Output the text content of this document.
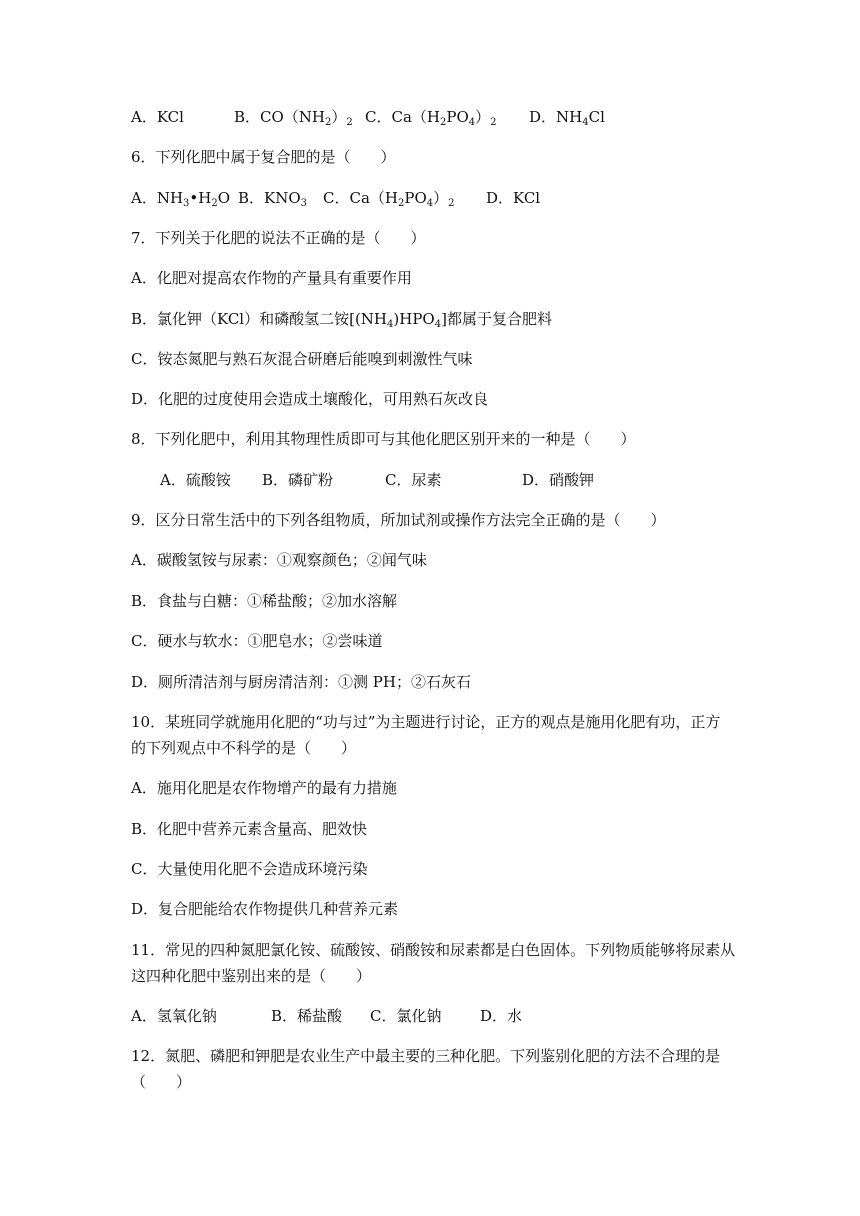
A．KCl	B．$CO(NH_2)_2$ C．$Ca(H_2PO_4)_2$ D．$NH_4Cl$
6．下列化肥中属于复合肥的是（　　）
A．$NH_3•H_2O$ B．$KNO_3$ C．$Ca(H_2PO_4)_2$ D．KCl
7．下列关于化肥的说法不正确的是（　　）
A．化肥对提高农作物的产量具有重要作用
B．氯化钾（KCl）和磷酸氢二铵$[(NH_4)HPO_4]$都属于复合肥料
C．铵态氮肥与熟石灰混合研磨后能嗅到刺激性气味
D．化肥的过度使用会造成土壤酸化，可用熟石灰改良
8．下列化肥中，利用其物理性质即可与其他化肥区别开来的一种是（　　）
A．硫酸铵 B．磷矿粉	C．尿素	D．硝酸钾
9．区分日常生活中的下列各组物质，所加试剂或操作方法完全正确的是（　　）
A．碳酸氢铵与尿素：①观察颜色；②闻气味
B．食盐与白糖：①稀盐酸；②加水溶解
C．硬水与软水：①肥皂水；②尝味道
D．厕所清洁剂与厨房清洁剂：①测 PH；②石灰石
10．某班同学就施用化肥的“功与过”为主题进行讨论，正方的观点是施用化肥有功，正方
的下列观点中不科学的是（　　）
A．施用化肥是农作物增产的最有力措施
B．化肥中营养元素含量高、肥效快
C．大量使用化肥不会造成环境污染
D．复合肥能给农作物提供几种营养元素
11．常见的四种氮肥氯化铵、硫酸铵、硝酸铵和尿素都是白色固体。下列物质能够将尿素从
这四种化肥中鉴别出来的是（　　）
A．氢氧化钠	B．稀盐酸 C．氯化钠	D．水
12．氮肥、磷肥和钾肥是农业生产中最主要的三种化肥。下列鉴别化肥的方法不合理的是
（　　）
